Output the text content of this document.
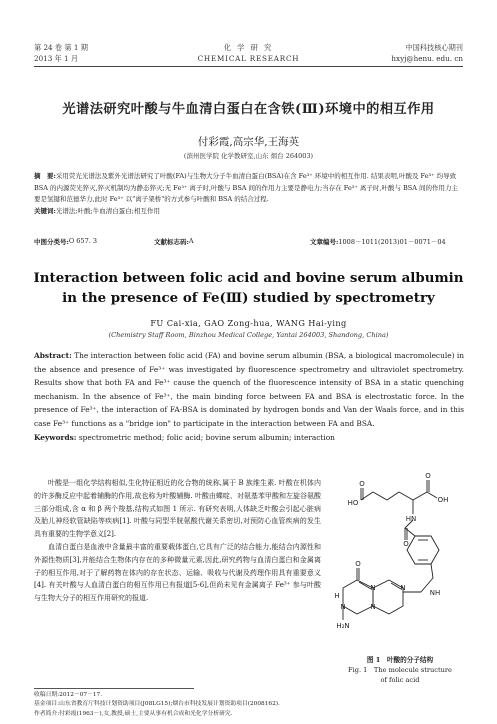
第 24 卷 第 1 期
2013 年 1 月
化 学 研 究
CHEMICAL RESEARCH
中国科技核心期刊
hxyj@henu. edu. cn
光谱法研究叶酸与牛血清白蛋白在含铁(Ⅲ)环境中的相互作用
付彩霞,高宗华,王海英
(滨州医学院 化学教研室,山东 烟台 264003)
摘　要:采用荧光光谱法及紫外光谱法研究了叶酸(FA)与生物大分子牛血清白蛋白(BSA)在含 Fe³⁺ 环境中的相互作用. 结果表明,叶酸及 Fe³⁺ 均导致 BSA 的内源荧光猝灭,猝灭机制均为静态猝灭;无 Fe³⁺ 离子时,叶酸与 BSA 间的作用力主要是静电力;当存在 Fe³⁺ 离子时,叶酸与 BSA 间的作用力主要是氢键和范德华力,此时 Fe³⁺ 以"离子架桥"的方式参与叶酸和 BSA 的结合过程.
关键词:光谱法;叶酸;牛血清白蛋白;相互作用
中图分类号: O 657. 3	文献标志码: A	文章编号: 1008－1011(2013)01－0071－04
Interaction between folic acid and bovine serum albumin
in the presence of Fe(Ⅲ) studied by spectrometry
FU Cai-xia, GAO Zong-hua, WANG Hai-ying
(Chemistry Staff Room, Binzhou Medical College, Yantai 264003, Shandong, China)
Abstract: The interaction between folic acid (FA) and bovine serum albumin (BSA, a biological macromolecule) in the absence and presence of Fe³⁺ was investigated by fluorescence spectrometry and ultraviolet spectrometry. Results show that both FA and Fe³⁺ cause the quench of the fluorescence intensity of BSA in a static quenching mechanism. In the absence of Fe³⁺, the main binding force between FA and BSA is electrostatic force. In the presence of Fe³⁺, the interaction of FA-BSA is dominated by hydrogen bonds and Van der Waals force, and in this case Fe³⁺ functions as a "bridge ion" to participate in the interaction between FA and BSA.
Keywords: spectrometric method; folic acid; bovine serum albumin; interaction

叶酸是一组化学结构相似,生化特征相近的化合物的统称,属于 B 族维生素. 叶酸在机体内的许多酶反应中起着辅酶的作用,故也称为叶酸辅酶. 叶酸由蝶啶、对氨基苯甲酸和左旋谷氨酸三部分组成,含 α 和 β 两个羧基,结构式如图 1 所示. 有研究表明,人体缺乏叶酸会引起心脏病及胎儿神经软管缺陷等疾病[1]. 叶酸与同型半胱氨酸代谢关系密切,对预防心血管疾病的发生具有重要的生物学意义[2].

血清白蛋白是血液中含量最丰富的重要载体蛋白,它具有广泛的结合能力,能结合内源性和外源性物质[3],并能结合生物体内存在的多种微量元素,因此,研究药物与血清白蛋白和金属离子的相互作用,对于了解药物在体内的存在状态、运输、吸收与代谢及药理作用具有重要意义[4]. 有关叶酸与人血清白蛋白的相互作用已有报道[5-6],但尚未见有金属离子 Fe³⁺ 参与叶酸与生物大分子的相互作用研究的报道.

HO	OH
O
O
HN
O
O
N	N
N	N
NH
H₂N
H
图 1　叶酸的分子结构
Fig. 1　The molecule structure
of folic acid
收稿日期:2012－07－17.
基金项目:山东省教育厅科技计划资助项目(J08LG15);烟台市科技发展计划资助项目(2008162).
作者简介:付彩霞(1963－),女,教授,硕士,主要从事有机合成和光化学分析研究.
